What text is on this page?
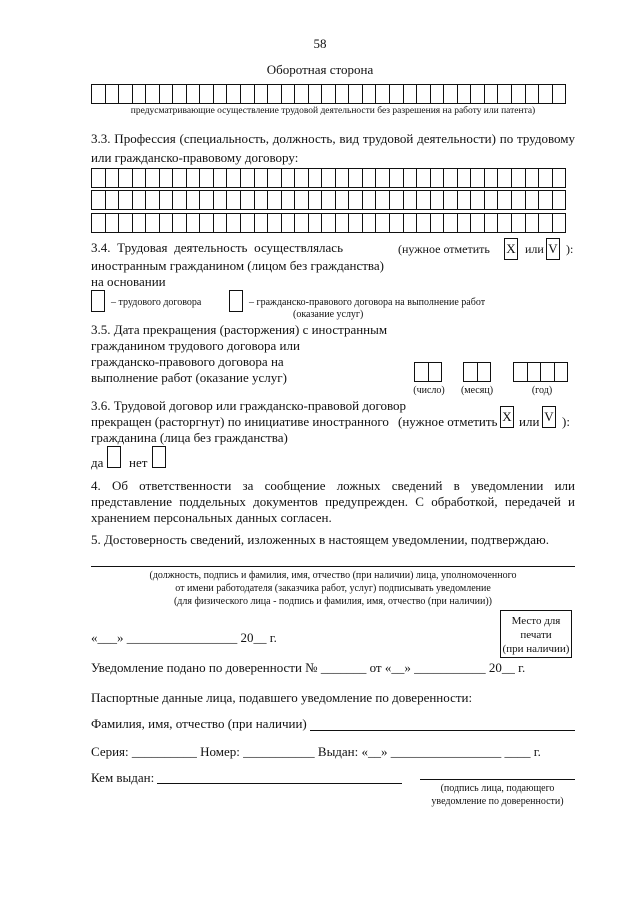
58
Оборотная сторона
предусматривающие осуществление трудовой деятельности без разрешения на работу или патента)
3.3. Профессия (специальность, должность, вид трудовой деятельности) по трудовому
или гражданско-правовому договору:
3.4. Трудовая деятельность осуществлялась	(нужное отметить X или V ):
иностранным гражданином (лицом без гражданства)
на основании
– трудового договора	– гражданско-правового договора на выполнение работ
(оказание услуг)
3.5. Дата прекращения (расторжения) с иностранным
гражданином трудового договора или
гражданско-правового договора на
выполнение работ (оказание услуг)
(число)	(месяц)	(год)
3.6. Трудовой договор или гражданско-правовой договор
прекращен (расторгнут) по инициативе иностранного (нужное отметить X или V ):
гражданина (лица без гражданства)
да нет
4. Об ответственности за сообщение ложных сведений в уведомлении или
представление поддельных документов предупрежден. С обработкой, передачей и
хранением персональных данных согласен.
5. Достоверность сведений, изложенных в настоящем уведомлении, подтверждаю.
(должность, подпись и фамилия, имя, отчество (при наличии) лица, уполномоченного
от имени работодателя (заказчика работ, услуг) подписывать уведомление
(для физического лица - подпись и фамилия, имя, отчество (при наличии))
Место для
печати
(при наличии)
«___» _________________ 20__ г.
Уведомление подано по доверенности № _______ от «__» ___________ 20__ г.
Паспортные данные лица, подавшего уведомление по доверенности:
Фамилия, имя, отчество (при наличии)
Серия: __________ Номер: ___________ Выдан: «__» _________________ ____ г.
Кем выдан:
(подпись лица, подающего
уведомление по доверенности)
